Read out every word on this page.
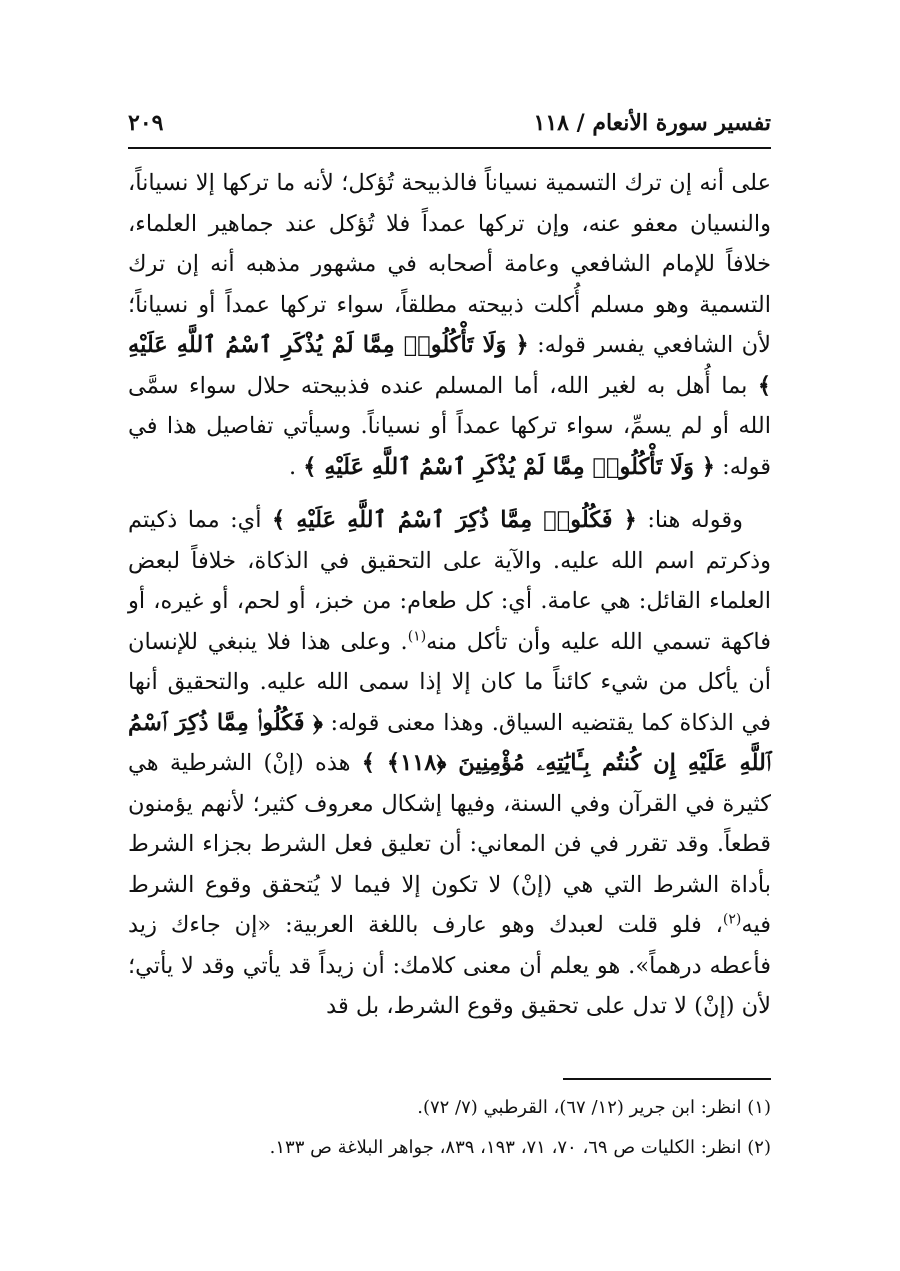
تفسير سورة الأنعام / ١١٨
٢٠٩

على أنه إن ترك التسمية نسياناً فالذبيحة تُؤكل؛ لأنه ما تركها إلا نسياناً، والنسيان معفو عنه، وإن تركها عمداً فلا تُؤكل عند جماهير العلماء، خلافاً للإمام الشافعي وعامة أصحابه في مشهور مذهبه أنه إن ترك التسمية وهو مسلم أُكلت ذبيحته مطلقاً، سواء تركها عمداً أو نسياناً؛ لأن الشافعي يفسر قوله: ﴿ وَلَا تَأْكُلُوا۟ مِمَّا لَمْ يُذْكَرِ ٱسْمُ ٱللَّهِ عَلَيْهِ ﴾ بما أُهل به لغير الله، أما المسلم عنده فذبيحته حلال سواء سمَّى الله أو لم يسمِّ، سواء تركها عمداً أو نسياناً. وسيأتي تفاصيل هذا في قوله: ﴿ وَلَا تَأْكُلُوا۟ مِمَّا لَمْ يُذْكَرِ ٱسْمُ ٱللَّهِ عَلَيْهِ ﴾ .

وقوله هنا: ﴿ فَكُلُوا۟ مِمَّا ذُكِرَ ٱسْمُ ٱللَّهِ عَلَيْهِ ﴾ أي: مما ذكيتم وذكرتم اسم الله عليه. والآية على التحقيق في الذكاة، خلافاً لبعض العلماء القائل: هي عامة. أي: كل طعام: من خبز، أو لحم، أو غيره، أو فاكهة تسمي الله عليه وأن تأكل منه$^{(١)}$. وعلى هذا فلا ينبغي للإنسان أن يأكل من شيء كائناً ما كان إلا إذا سمى الله عليه. والتحقيق أنها في الذكاة كما يقتضيه السياق. وهذا معنى قوله: ﴿ فَكُلُوا۟ مِمَّا ذُكِرَ ٱسْمُ ٱللَّهِ عَلَيْهِ إِن كُنتُم بِـَٔايَٰتِهِۦ مُؤْمِنِينَ ﴿١١٨﴾ ﴾ هذه (إنْ) الشرطية هي كثيرة في القرآن وفي السنة، وفيها إشكال معروف كثير؛ لأنهم يؤمنون قطعاً. وقد تقرر في فن المعاني: أن تعليق فعل الشرط بجزاء الشرط بأداة الشرط التي هي (إنْ) لا تكون إلا فيما لا يُتحقق وقوع الشرط فيه$^{(٢)}$، فلو قلت لعبدك وهو عارف باللغة العربية: «إن جاءك زيد فأعطه درهماً». هو يعلم أن معنى كلامك: أن زيداً قد يأتي وقد لا يأتي؛ لأن (إنْ) لا تدل على تحقيق وقوع الشرط، بل قد

(١) انظر: ابن جرير (١٢/ ٦٧)، القرطبي (٧/ ٧٢).
(٢) انظر: الكليات ص ٦٩، ٧٠، ٧١، ١٩٣، ٨٣٩، جواهر البلاغة ص ١٣٣.
